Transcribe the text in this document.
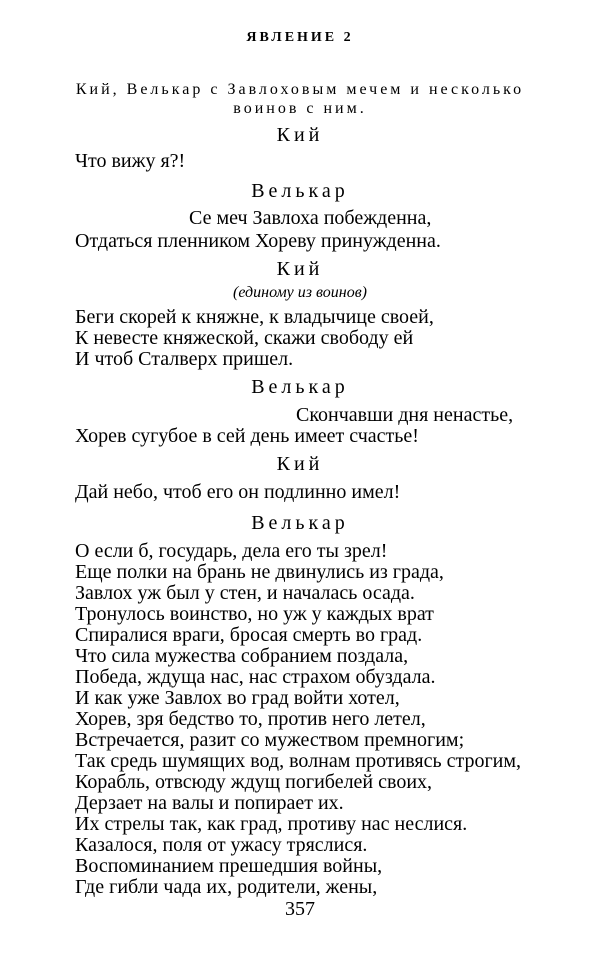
ЯВЛЕНИЕ 2
Кий, Велькар с Завлоховым мечем и несколько
воинов с ним.
Кий
Что вижу я?!
Велькар
Се меч Завлоха побежденна,
Отдаться пленником Хореву принужденна.
Кий
(единому из воинов)
Беги скорей к княжне, к владычице своей,
К невесте княжеской, скажи свободу ей
И чтоб Сталверх пришел.
Велькар
Скончавши дня ненастье,
Хорев сугубое в сей день имеет счастье!
Кий
Дай небо, чтоб его он подлинно имел!
Велькар
О если б, государь, дела его ты зрел!
Еще полки на брань не двинулись из града,
Завлох уж был у стен, и началась осада.
Тронулось воинство, но уж у каждых врат
Спиралися враги, бросая смерть во град.
Что сила мужества собранием поздала,
Победа, ждуща нас, нас страхом обуздала.
И как уже Завлох во град войти хотел,
Хорев, зря бедство то, против него летел,
Встречается, разит со мужеством премногим;
Так средь шумящих вод, волнам противясь строгим,
Корабль, отвсюду ждущ погибелей своих,
Дерзает на валы и попирает их.
Их стрелы так, как град, противу нас неслися.
Казалося, поля от ужасу тряслися.
Воспоминанием прешедшия войны,
Где гибли чада их, родители, жены,
357
